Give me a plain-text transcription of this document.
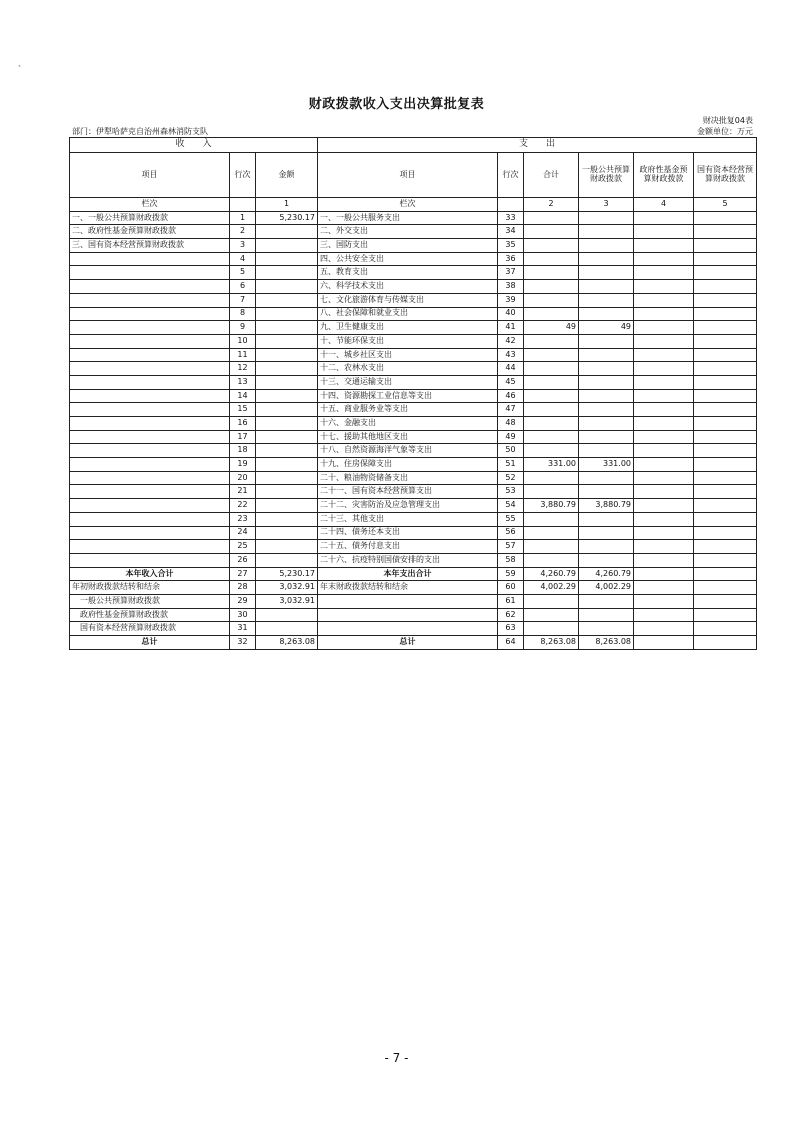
、
财政拨款收入支出决算批复表
财决批复04表
部门：伊犁哈萨克自治州森林消防支队	金额单位：万元
收　　入			支　　出					
项目	行次	金额	项目	行次	合计	一般公共预算财政拨款	政府性基金预算财政拨款	国有资本经营预算财政拨款
栏次		1	栏次		2	3	4	5
一、一般公共预算财政拨款	1	5,230.17	一、一般公共服务支出	33				
二、政府性基金预算财政拨款	2		二、外交支出	34				
三、国有资本经营预算财政拨款	3		三、国防支出	35				
	4		四、公共安全支出	36				
	5		五、教育支出	37				
	6		六、科学技术支出	38				
	7		七、文化旅游体育与传媒支出	39				
	8		八、社会保障和就业支出	40				
	9		九、卫生健康支出	41	49	49		
	10		十、节能环保支出	42				
	11		十一、城乡社区支出	43				
	12		十二、农林水支出	44				
	13		十三、交通运输支出	45				
	14		十四、资源勘探工业信息等支出	46				
	15		十五、商业服务业等支出	47				
	16		十六、金融支出	48				
	17		十七、援助其他地区支出	49				
	18		十八、自然资源海洋气象等支出	50				
	19		十九、住房保障支出	51	331.00	331.00		
	20		二十、粮油物资储备支出	52				
	21		二十一、国有资本经营预算支出	53				
	22		二十二、灾害防治及应急管理支出	54	3,880.79	3,880.79		
	23		二十三、其他支出	55				
	24		二十四、债务还本支出	56				
	25		二十五、债务付息支出	57				
	26		二十六、抗疫特别国债安排的支出	58				
本年收入合计	27	5,230.17	本年支出合计	59	4,260.79	4,260.79		
年初财政拨款结转和结余	28	3,032.91	年末财政拨款结转和结余	60	4,002.29	4,002.29		
一般公共预算财政拨款	29	3,032.91		61				
政府性基金预算财政拨款	30			62				
国有资本经营预算财政拨款	31			63				
总计	32	8,263.08	总计	64	8,263.08	8,263.08		
- 7 -
